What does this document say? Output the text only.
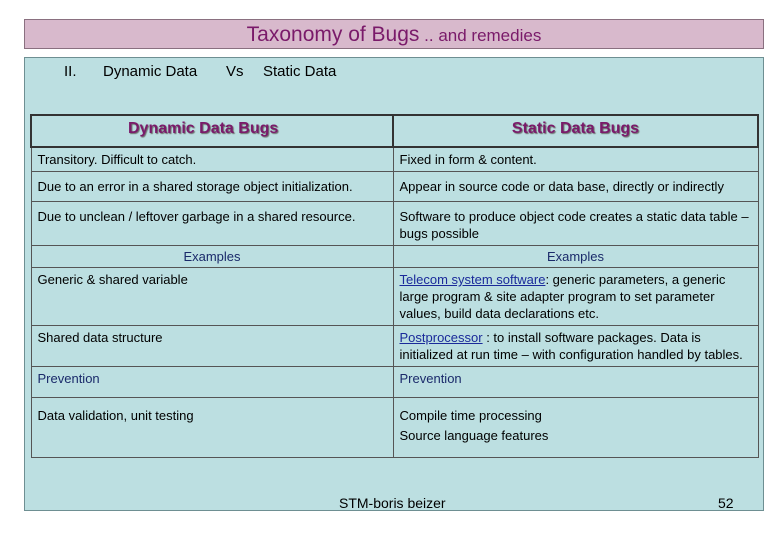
Taxonomy of Bugs .. and remedies
II. Dynamic Data Vs Static Data
Dynamic Data Bugs	Static Data Bugs
Transitory. Difficult to catch.	Fixed in form & content.
Due to an error in a shared storage object initialization.	Appear in source code or data base, directly or indirectly
Due to unclean / leftover garbage in a shared resource.	Software to produce object code creates a static data table – bugs possible
Examples	Examples
Generic & shared variable	Telecom system software: generic parameters, a generic large program & site adapter program to set parameter values, build data declarations etc.
Shared data structure	Postprocessor : to install software packages. Data is initialized at run time – with configuration handled by tables.
Prevention	Prevention
Data validation, unit testing	Compile time processing
Source language features
STM-boris beizer	52
